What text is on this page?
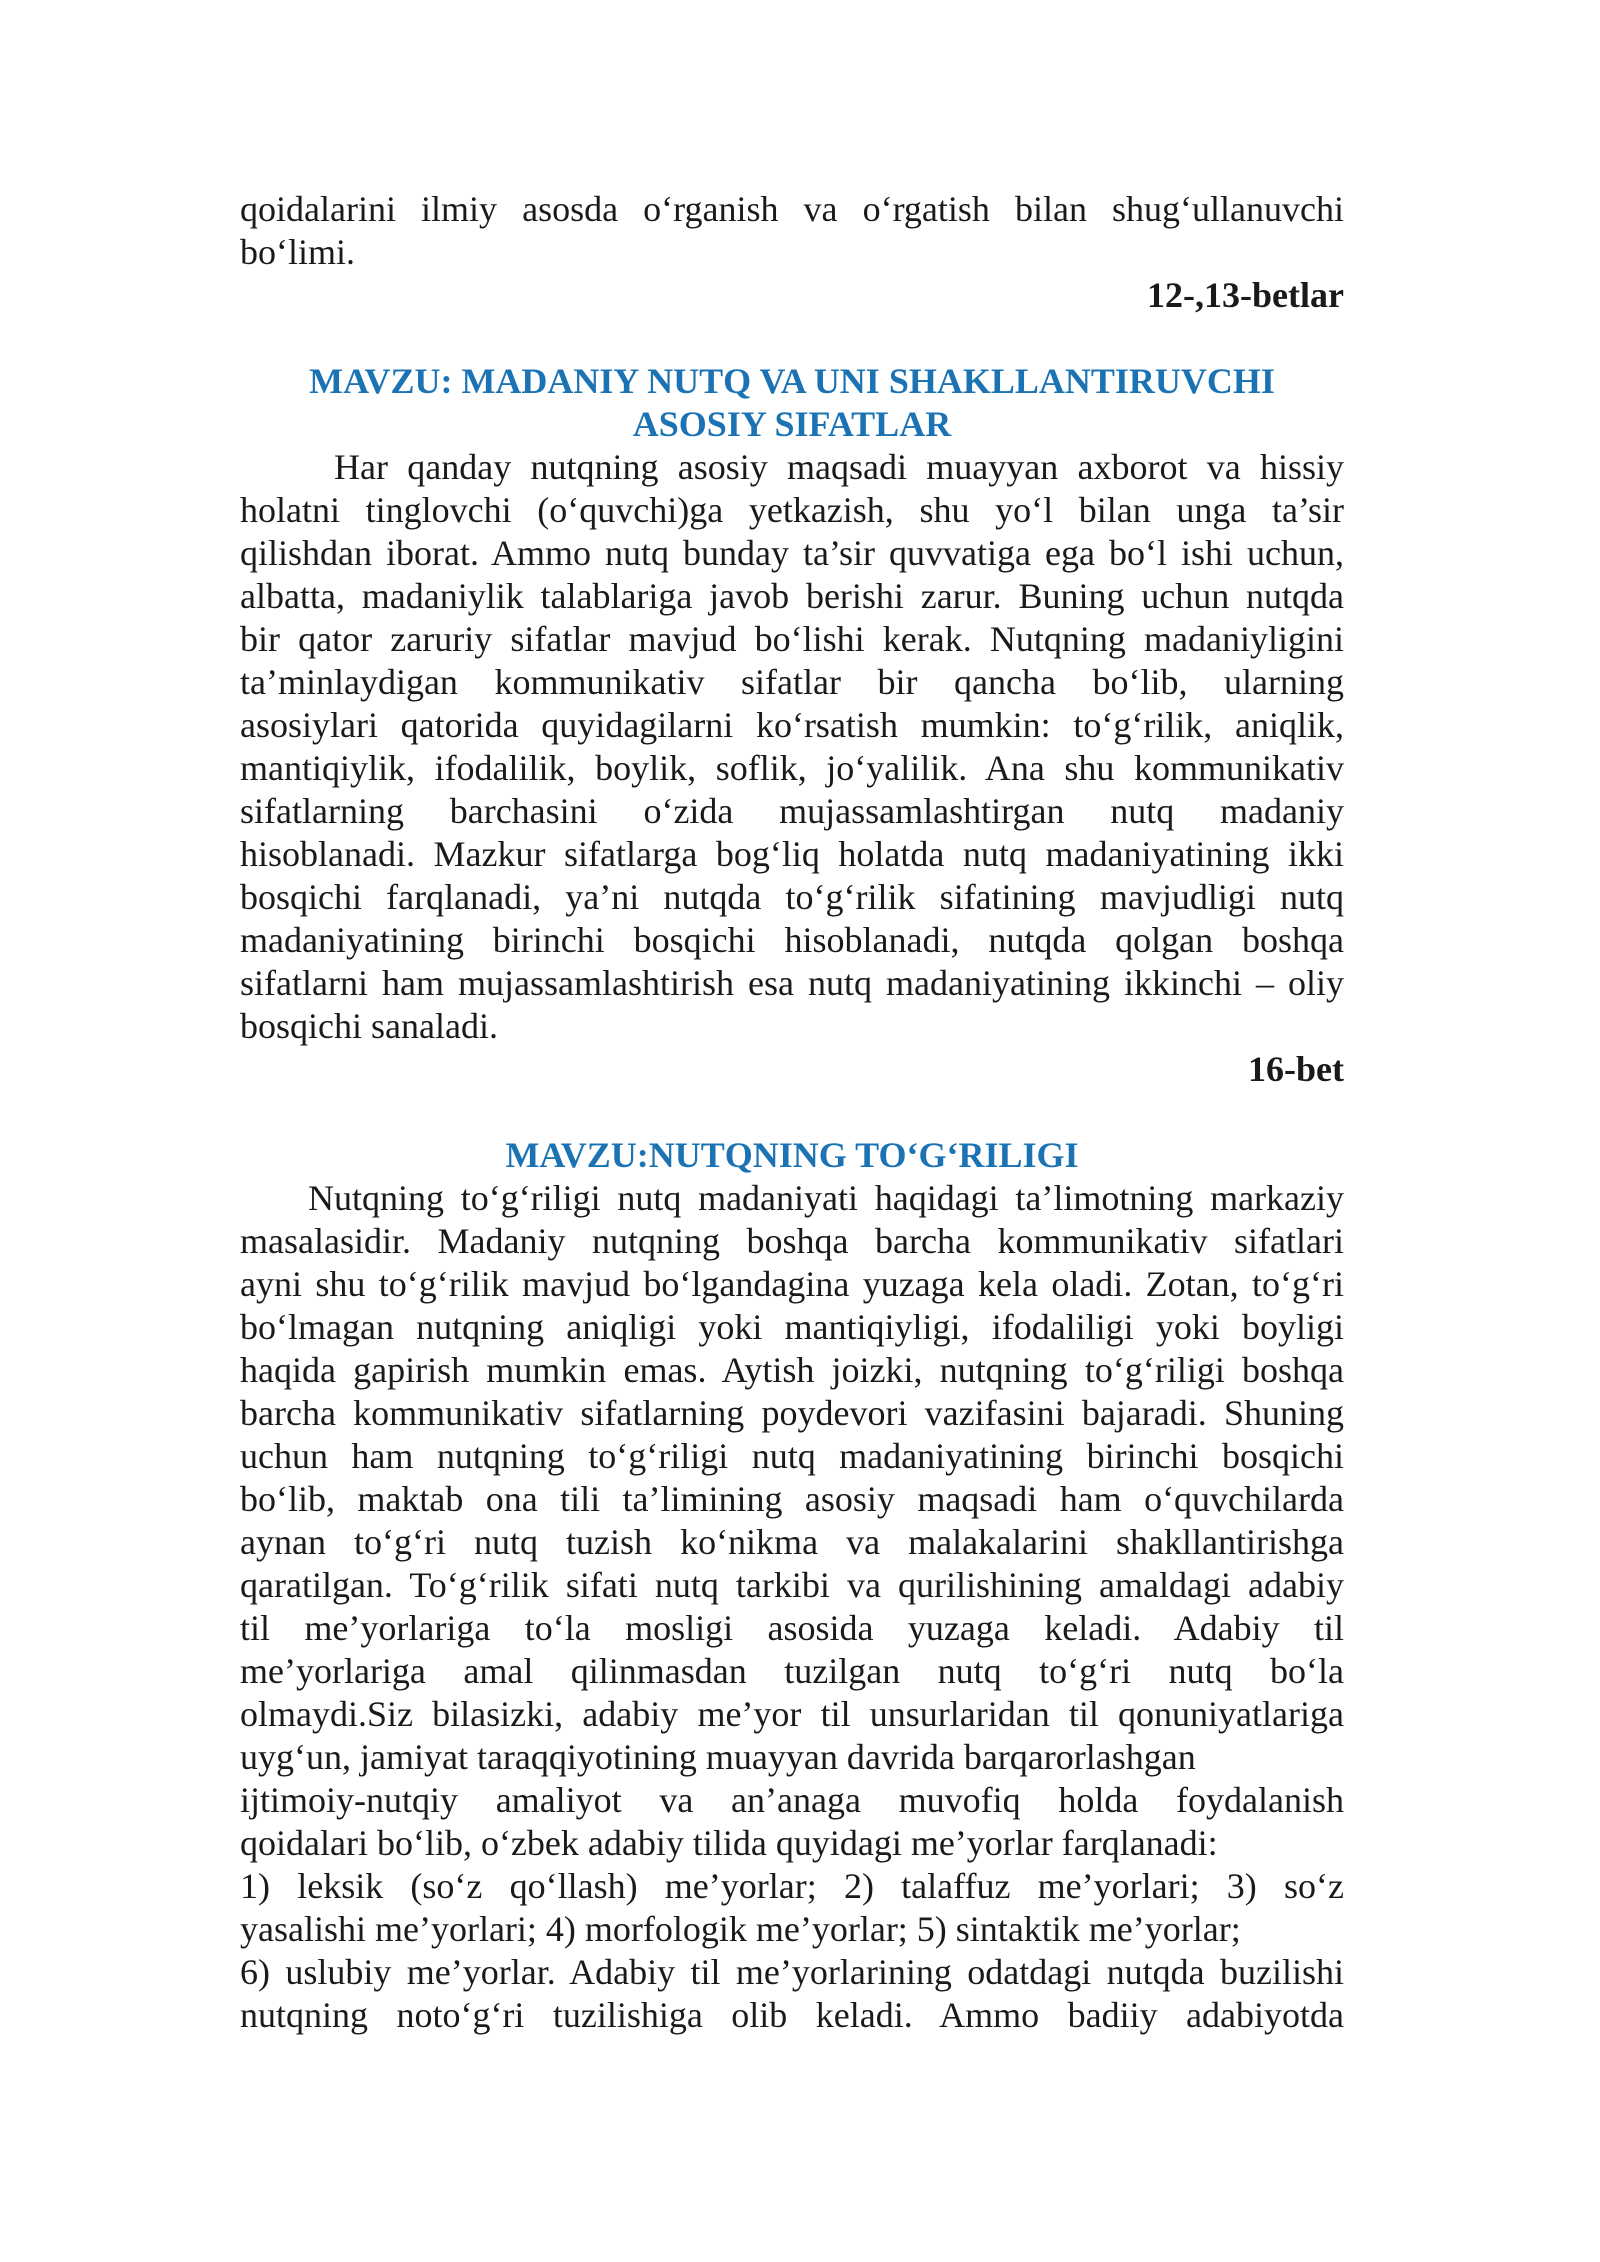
qoidalarini ilmiy asosda o‘rganish va o‘rgatish bilan shug‘ullanuvchi
bo‘limi.

12-,13-betlar

MAVZU: MADANIY NUTQ VA UNI SHAKLLANTIRUVCHI

ASOSIY SIFATLAR

Har qanday nutqning asosiy maqsadi muayyan axborot va hissiy
holatni tinglovchi (o‘quvchi)ga yetkazish, shu yo‘l bilan unga ta’sir
qilishdan iborat. Ammo nutq bunday ta’sir quvvatiga ega bo‘l ishi uchun,
albatta, madaniylik talablariga javob berishi zarur. Buning uchun nutqda
bir qator zaruriy sifatlar mavjud bo‘lishi kerak. Nutqning madaniyligini
ta’minlaydigan kommunikativ sifatlar bir qancha bo‘lib, ularning
asosiylari qatorida quyidagilarni ko‘rsatish mumkin: to‘g‘rilik, aniqlik,
mantiqiylik, ifodalilik, boylik, soflik, jo‘yalilik. Ana shu kommunikativ
sifatlarning barchasini o‘zida mujassamlashtirgan nutq madaniy
hisoblanadi. Mazkur sifatlarga bog‘liq holatda nutq madaniyatining ikki
bosqichi farqlanadi, ya’ni nutqda to‘g‘rilik sifatining mavjudligi nutq
madaniyatining birinchi bosqichi hisoblanadi, nutqda qolgan boshqa
sifatlarni ham mujassamlashtirish esa nutq madaniyatining ikkinchi – oliy
bosqichi sanaladi.

16-bet

MAVZU:NUTQNING TO‘G‘RILIGI

Nutqning to‘g‘riligi nutq madaniyati haqidagi ta’limotning markaziy
masalasidir. Madaniy nutqning boshqa barcha kommunikativ sifatlari
ayni shu to‘g‘rilik mavjud bo‘lgandagina yuzaga kela oladi. Zotan, to‘g‘ri
bo‘lmagan nutqning aniqligi yoki mantiqiyligi, ifodaliligi yoki boyligi
haqida gapirish mumkin emas. Aytish joizki, nutqning to‘g‘riligi boshqa
barcha kommunikativ sifatlarning poydevori vazifasini bajaradi. Shuning
uchun ham nutqning to‘g‘riligi nutq madaniyatining birinchi bosqichi
bo‘lib, maktab ona tili ta’limining asosiy maqsadi ham o‘quvchilarda
aynan to‘g‘ri nutq tuzish ko‘nikma va malakalarini shakllantirishga
qaratilgan. To‘g‘rilik sifati nutq tarkibi va qurilishining amaldagi adabiy
til me’yorlariga to‘la mosligi asosida yuzaga keladi. Adabiy til
me’yorlariga amal qilinmasdan tuzilgan nutq to‘g‘ri nutq bo‘la
olmaydi.Siz bilasizki, adabiy me’yor til unsurlaridan til qonuniyatlariga
uyg‘un, jamiyat taraqqiyotining muayyan davrida barqarorlashgan
ijtimoiy-nutqiy amaliyot va an’anaga muvofiq holda foydalanish
qoidalari bo‘lib, o‘zbek adabiy tilida quyidagi me’yorlar farqlanadi:
1) leksik (so‘z qo‘llash) me’yorlar; 2) talaffuz me’yorlari; 3) so‘z
yasalishi me’yorlari; 4) morfologik me’yorlar; 5) sintaktik me’yorlar;
6) uslubiy me’yorlar. Adabiy til me’yorlarining odatdagi nutqda buzilishi
nutqning noto‘g‘ri tuzilishiga olib keladi. Ammo badiiy adabiyotda
